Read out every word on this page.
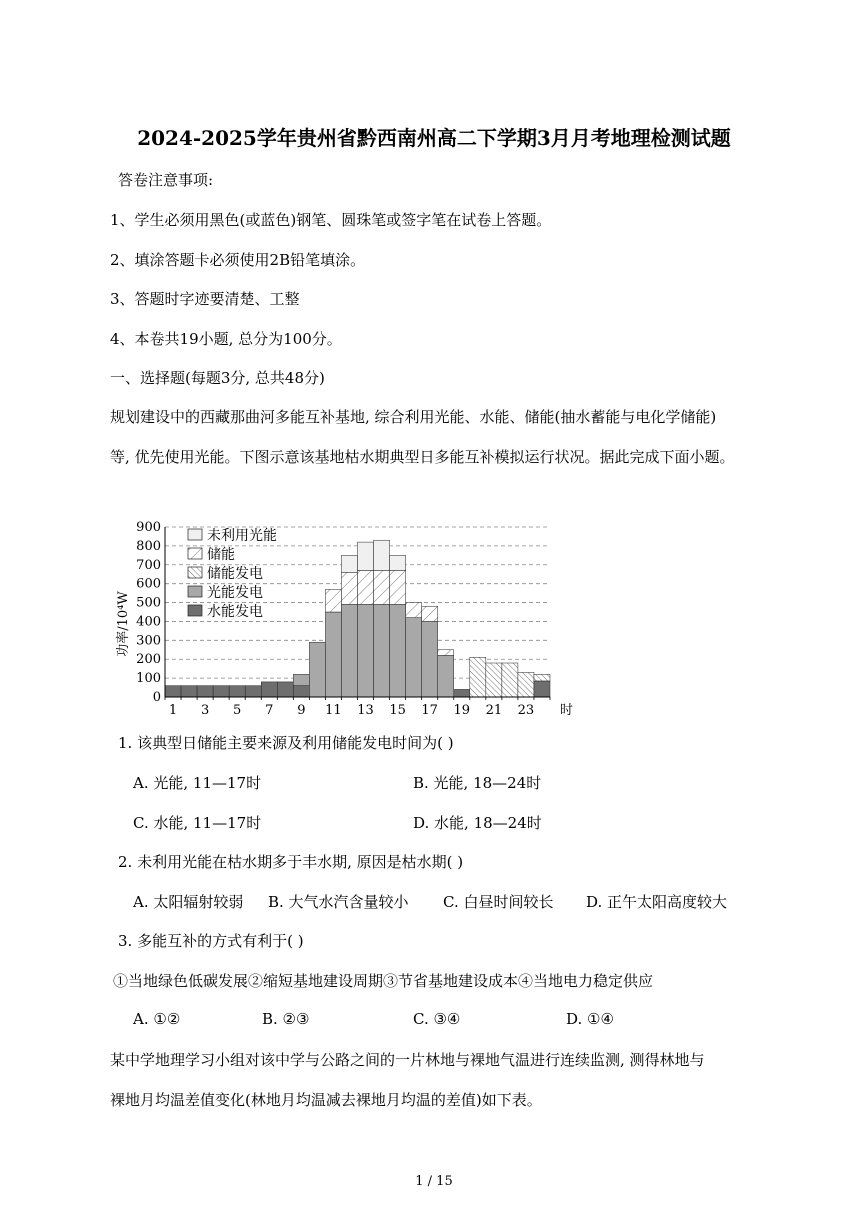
2024-2025学年贵州省黔西南州高二下学期3月月考地理检测试题
答卷注意事项:
1、学生必须用黑色(或蓝色)钢笔、圆珠笔或签字笔在试卷上答题。
2、填涂答题卡必须使用2B铅笔填涂。
3、答题时字迹要清楚、工整
4、本卷共19小题, 总分为100分。
一、选择题(每题3分, 总共48分)
规划建设中的西藏那曲河多能互补基地, 综合利用光能、水能、储能(抽水蓄能与电化学储能)
等, 优先使用光能。下图示意该基地枯水期典型日多能互补模拟运行状况。据此完成下面小题。
0
100
200
300
400
500
600
700
800
900
1 3 5 7 9 11 13 15 17 19 21 23 时
功率/10⁴W
未利用光能
储能
储能发电
光能发电
水能发电
1. 该典型日储能主要来源及利用储能发电时间为( )
A. 光能, 11—17时	B. 光能, 18—24时
C. 水能, 11—17时	D. 水能, 18—24时
2. 未利用光能在枯水期多于丰水期, 原因是枯水期( )
A. 太阳辐射较弱 B. 大气水汽含量较小 C. 白昼时间较长 D. 正午太阳高度较大
3. 多能互补的方式有利于( )
①当地绿色低碳发展②缩短基地建设周期③节省基地建设成本④当地电力稳定供应
A. ①②	B. ②③	C. ③④	D. ①④
某中学地理学习小组对该中学与公路之间的一片林地与裸地气温进行连续监测, 测得林地与
裸地月均温差值变化(林地月均温减去裸地月均温的差值)如下表。
1 / 15
